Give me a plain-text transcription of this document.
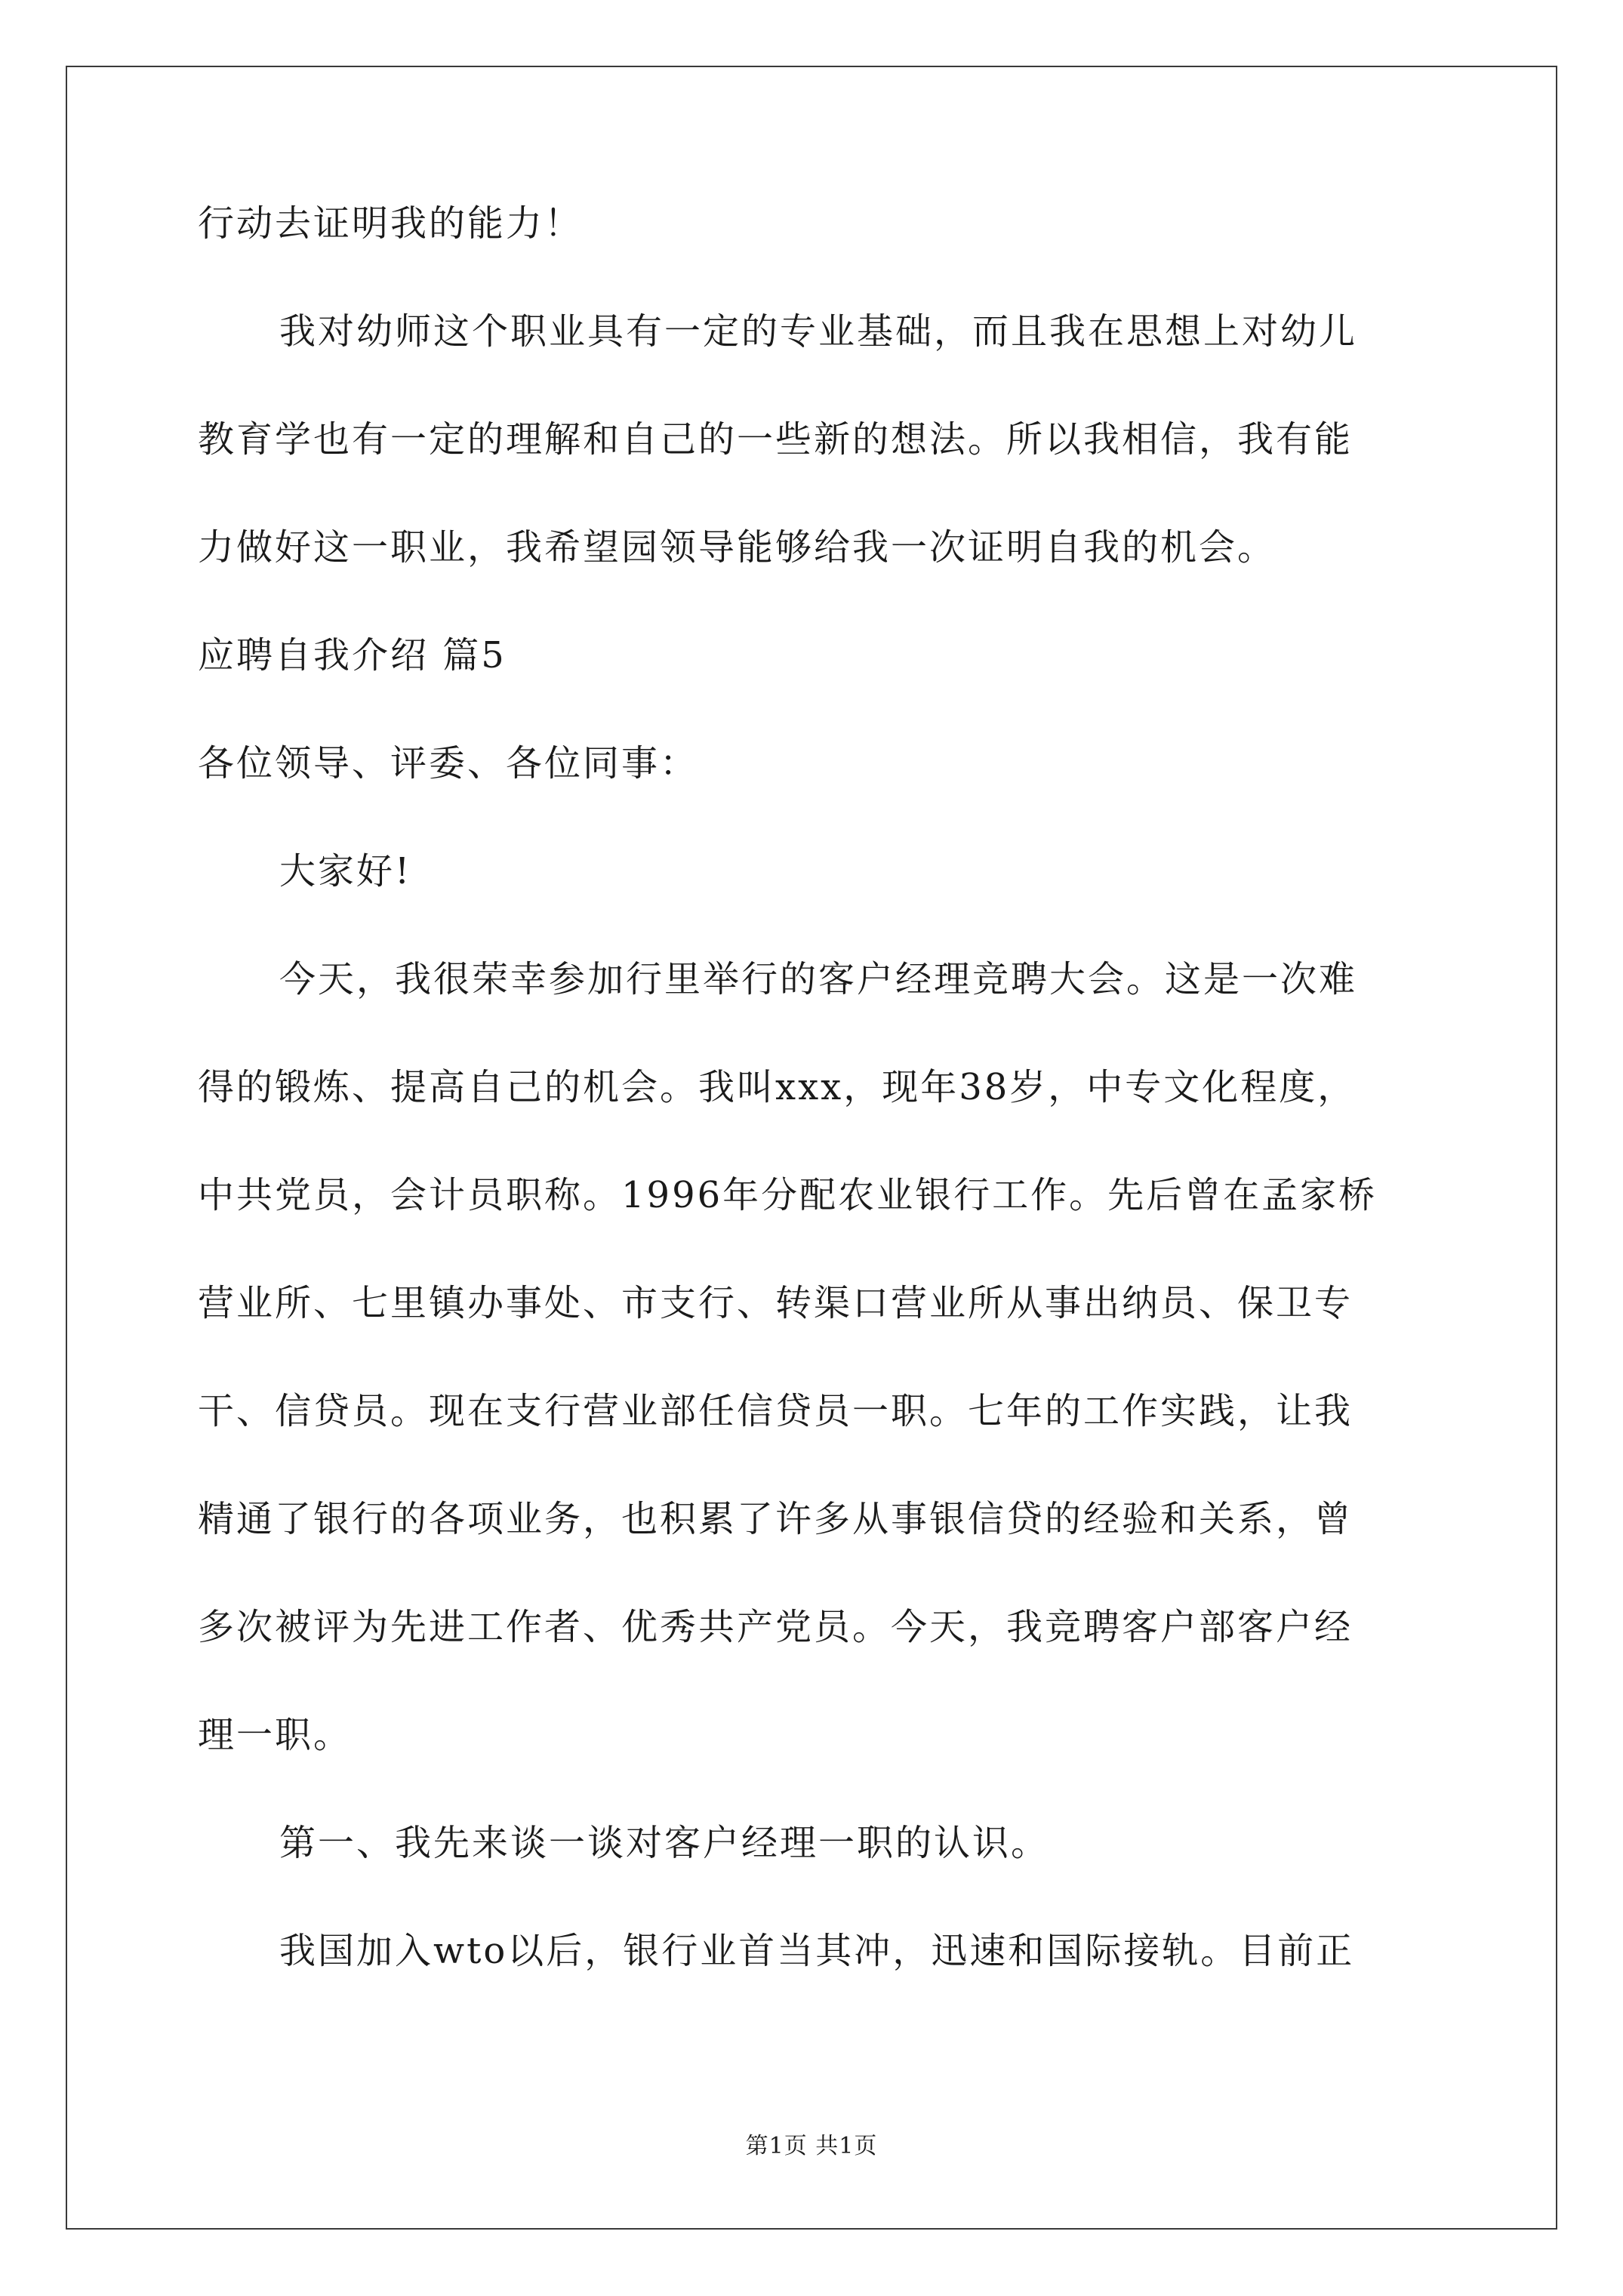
行动去证明我的能力！
我对幼师这个职业具有一定的专业基础，而且我在思想上对幼儿
教育学也有一定的理解和自己的一些新的想法。所以我相信，我有能
力做好这一职业，我希望园领导能够给我一次证明自我的机会。
应聘自我介绍 篇5
各位领导、评委、各位同事：
大家好!
今天，我很荣幸参加行里举行的客户经理竞聘大会。这是一次难
得的锻炼、提高自己的机会。我叫xxx，现年38岁，中专文化程度，
中共党员，会计员职称。1996年分配农业银行工作。先后曾在孟家桥
营业所、七里镇办事处、市支行、转渠口营业所从事出纳员、保卫专
干、信贷员。现在支行营业部任信贷员一职。七年的工作实践，让我
精通了银行的各项业务，也积累了许多从事银信贷的经验和关系，曾
多次被评为先进工作者、优秀共产党员。今天，我竞聘客户部客户经
理一职。
第一、我先来谈一谈对客户经理一职的认识。
我国加入wto以后，银行业首当其冲，迅速和国际接轨。目前正
第1页 共1页
